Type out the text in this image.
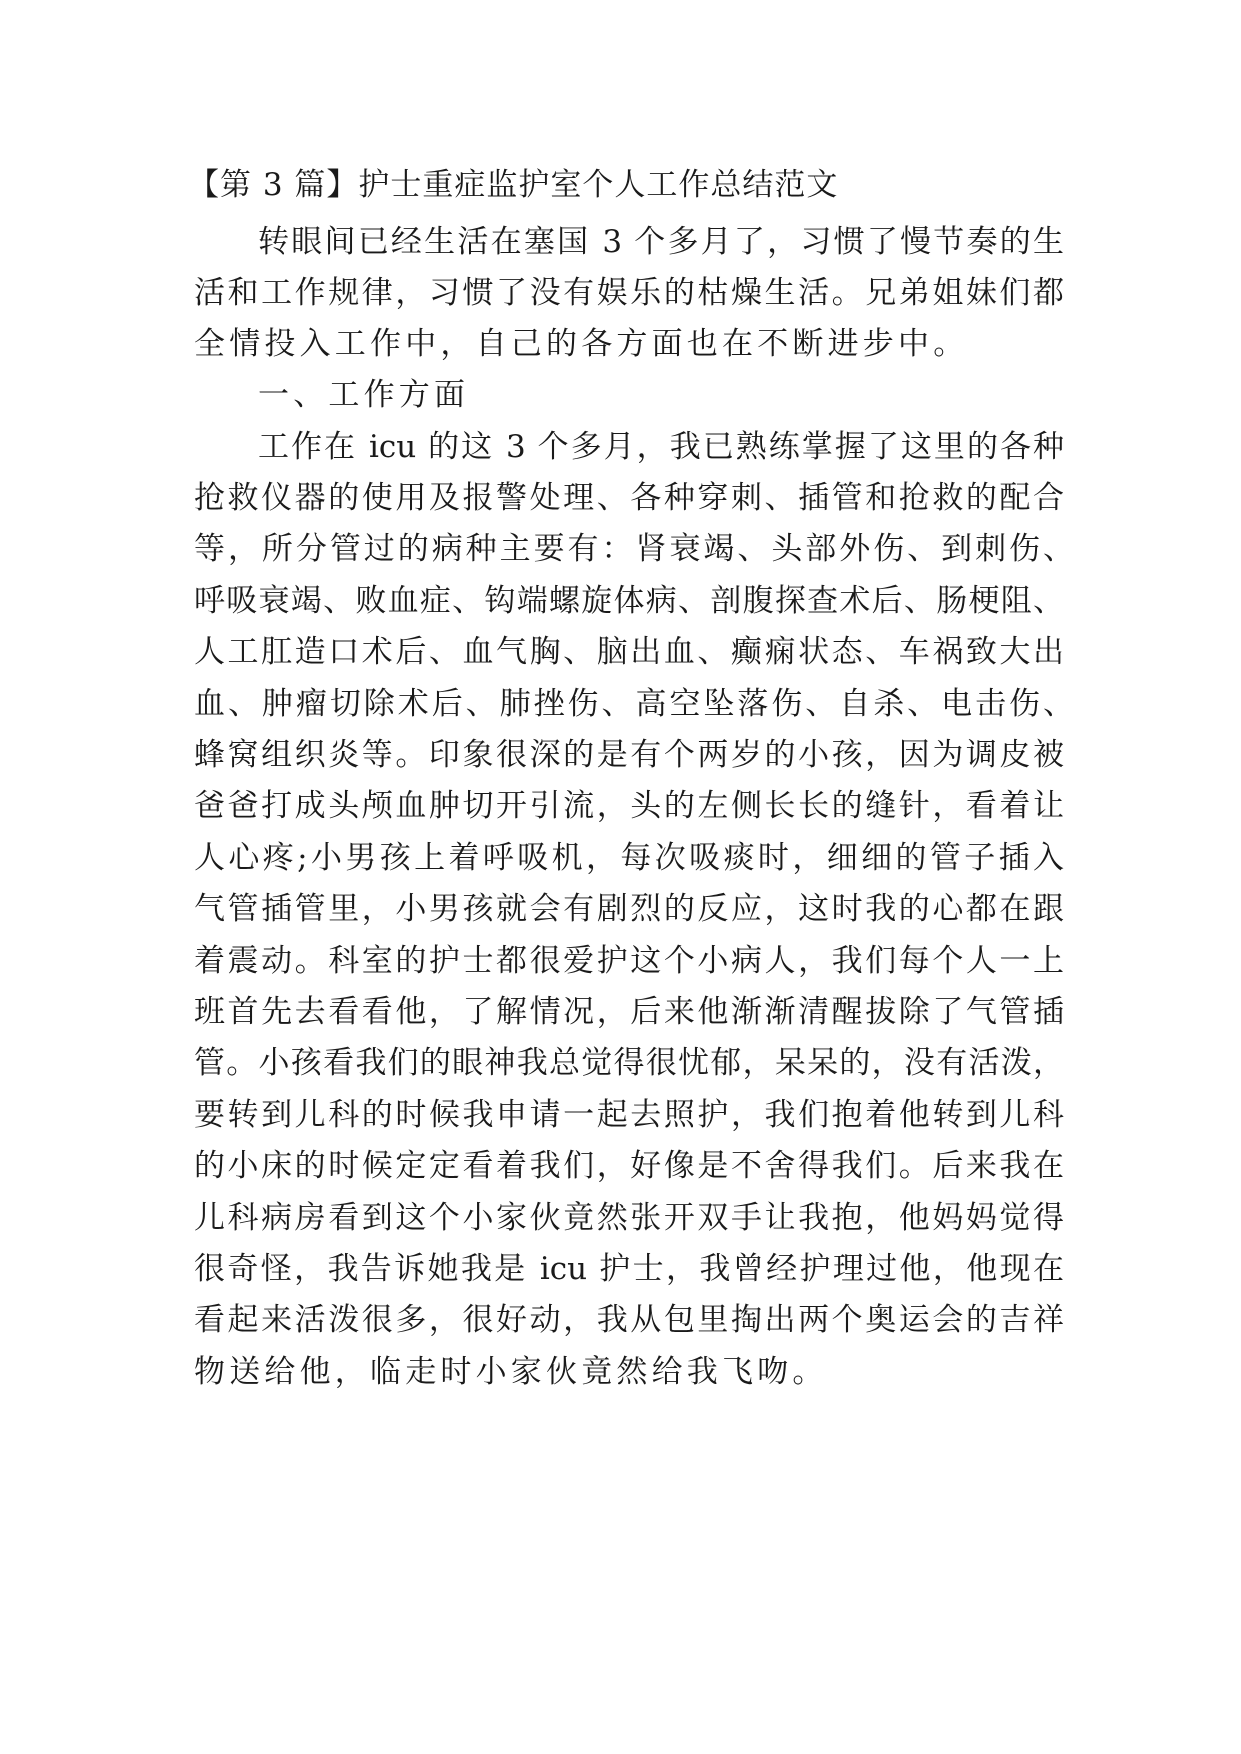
【第 3 篇】护士重症监护室个人工作总结范文
转眼间已经生活在塞国 3 个多月了，习惯了慢节奏的生
活和工作规律，习惯了没有娱乐的枯燥生活。兄弟姐妹们都
全情投入工作中，自己的各方面也在不断进步中。
一、工作方面
工作在 icu 的这 3 个多月，我已熟练掌握了这里的各种
抢救仪器的使用及报警处理、各种穿刺、插管和抢救的配合
等，所分管过的病种主要有：肾衰竭、头部外伤、到刺伤、
呼吸衰竭、败血症、钩端螺旋体病、剖腹探查术后、肠梗阻、
人工肛造口术后、血气胸、脑出血、癫痫状态、车祸致大出
血、肿瘤切除术后、肺挫伤、高空坠落伤、自杀、电击伤、
蜂窝组织炎等。印象很深的是有个两岁的小孩，因为调皮被
爸爸打成头颅血肿切开引流，头的左侧长长的缝针，看着让
人心疼;小男孩上着呼吸机，每次吸痰时，细细的管子插入
气管插管里，小男孩就会有剧烈的反应，这时我的心都在跟
着震动。科室的护士都很爱护这个小病人，我们每个人一上
班首先去看看他，了解情况，后来他渐渐清醒拔除了气管插
管。小孩看我们的眼神我总觉得很忧郁，呆呆的，没有活泼，
要转到儿科的时候我申请一起去照护，我们抱着他转到儿科
的小床的时候定定看着我们，好像是不舍得我们。后来我在
儿科病房看到这个小家伙竟然张开双手让我抱，他妈妈觉得
很奇怪，我告诉她我是 icu 护士，我曾经护理过他，他现在
看起来活泼很多，很好动，我从包里掏出两个奥运会的吉祥
物送给他，临走时小家伙竟然给我飞吻。
